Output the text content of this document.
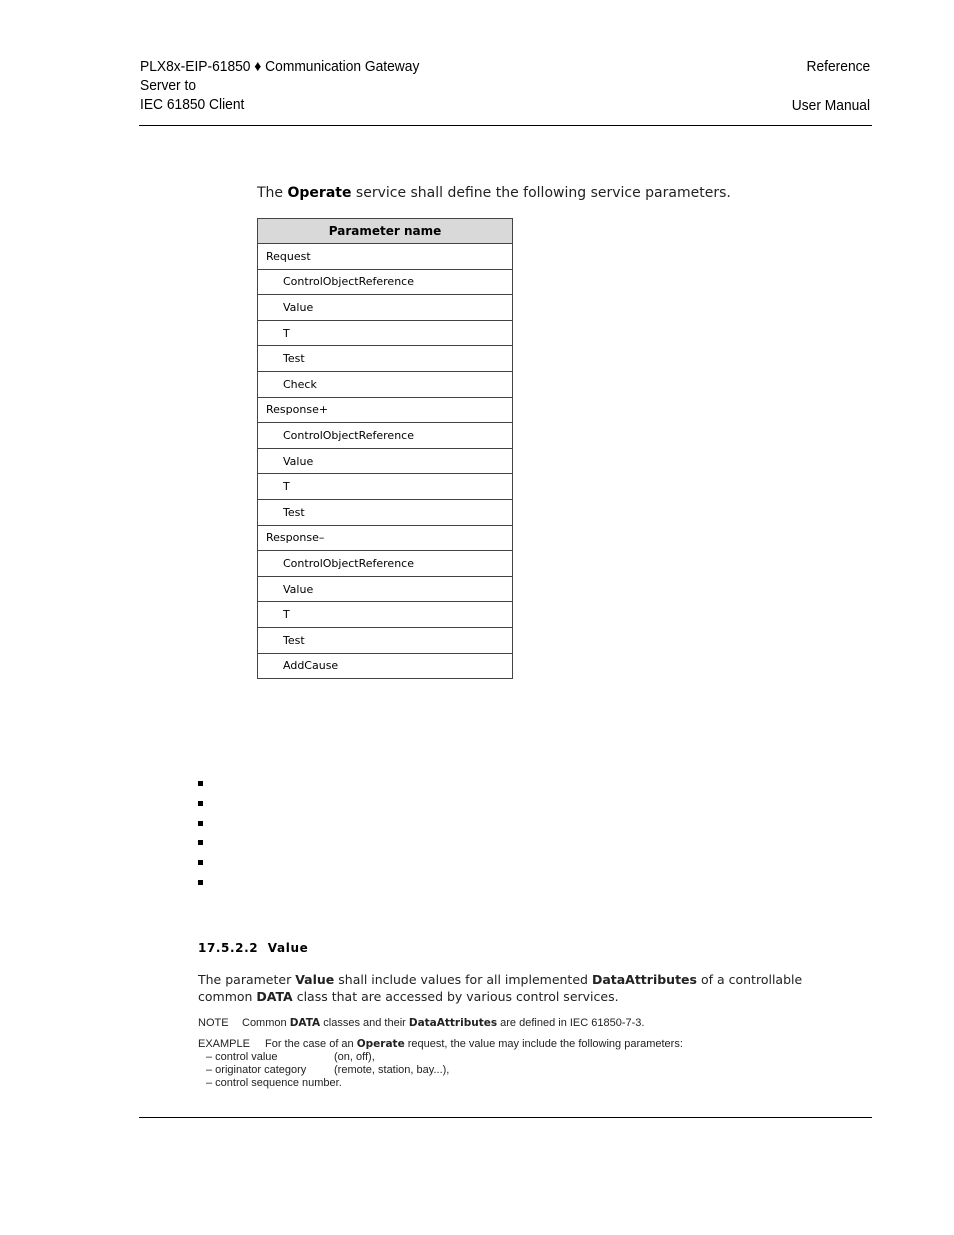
PLX8x-EIP-61850 ♦ Communication Gateway
Server to
IEC 61850 Client
Reference
User Manual
The Operate service shall define the following service parameters.
Parameter name
Request
ControlObjectReference
Value
T
Test
Check
Response+
ControlObjectReference
Value
T
Test
Response–
ControlObjectReference
Value
T
Test
AddCause
17.5.2.2 Value
The parameter Value shall include values for all implemented DataAttributes of a controllable
common DATA class that are accessed by various control services.
NOTE Common DATA classes and their DataAttributes are defined in IEC 61850-7-3.
EXAMPLE For the case of an Operate request, the value may include the following parameters:
– control value	(on, off),
– originator category	(remote, station, bay...),
– control sequence number.
